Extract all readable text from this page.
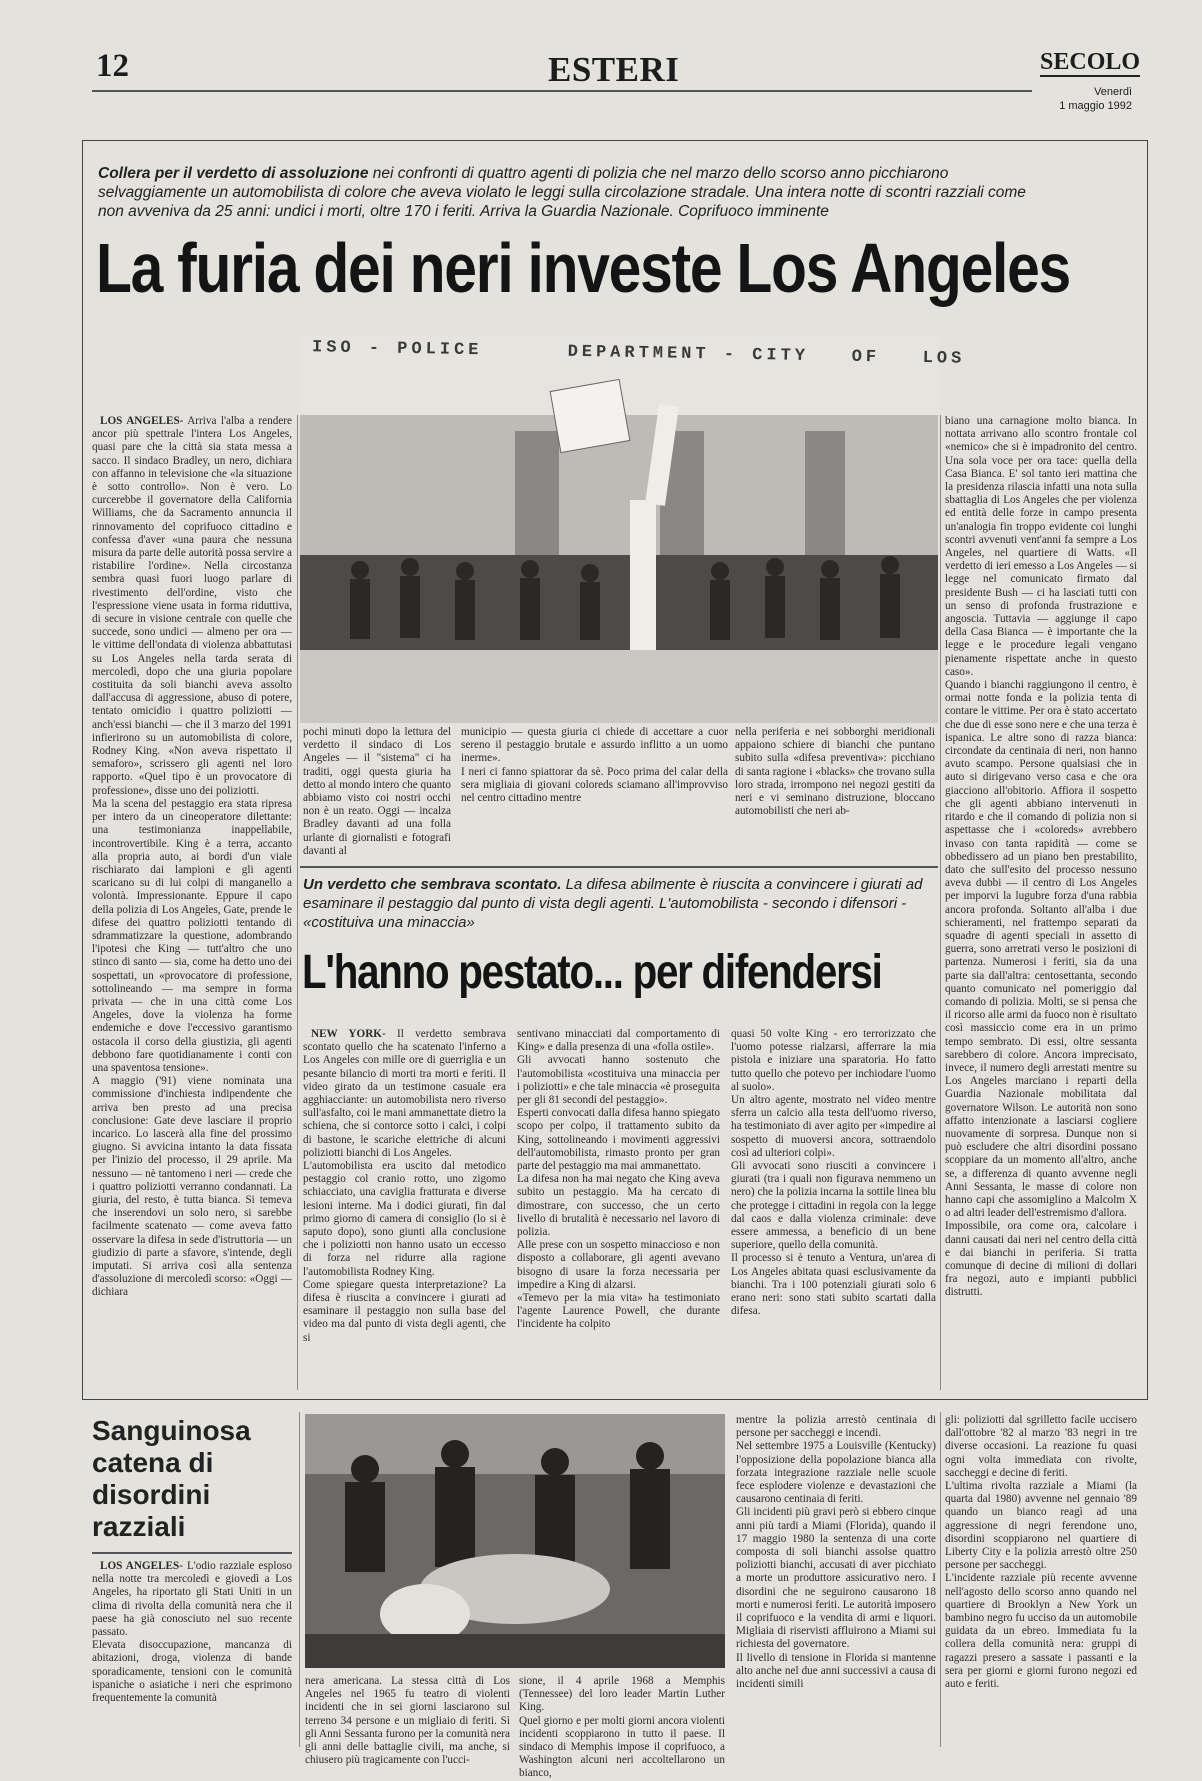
12	ESTERI	SECOLO
Venerdì
1 maggio 1992
Collera per il verdetto di assoluzione nei confronti di quattro agenti di polizia che nel marzo dello scorso anno picchiarono selvaggiamente un automobilista di colore che aveva violato le leggi sulla circolazione stradale. Una intera notte di scontri razziali come non avveniva da 25 anni: undici i morti, oltre 170 i feriti. Arriva la Guardia Nazionale. Coprifuoco imminente
La furia dei neri investe Los Angeles
ISO - POLICE      DEPARTMENT - CITY   OF   LOS

LOS ANGELES- Arriva l'alba a rendere ancor più spettrale l'intera Los Angeles, quasi pare che la città sia stata messa a sacco. Il sindaco Bradley, un nero, dichiara con affanno in televisione che «la situazione è sotto controllo». Non è vero. Lo curcerebbe il governatore della California Williams, che da Sacramento annuncia il rinnovamento del coprifuoco cittadino e confessa d'aver «una paura che nessuna misura da parte delle autorità possa servire a ristabilire l'ordine». Nella circostanza sembra quasi fuori luogo parlare di rivestimento dell'ordine, visto che l'espressione viene usata in forma riduttiva, di secure in visione centrale con quelle che succede, sono undici — almeno per ora — le vittime dell'ondata di violenza abbattutasi su Los Angeles nella tarda serata di mercoledì, dopo che una giuria popolare costituita da soli bianchi aveva assolto dall'accusa di aggressione, abuso di potere, tentato omicidio i quattro poliziotti — anch'essi bianchi — che il 3 marzo del 1991 infierirono su un automobilista di colore, Rodney King. «Non aveva rispettato il semaforo», scrissero gli agenti nel loro rapporto. «Quel tipo è un provocatore di professione», disse uno dei poliziotti.
Ma la scena del pestaggio era stata ripresa per intero da un cineoperatore dilettante: una testimonianza inappellabile, incontrovertibile. King è a terra, accanto alla propria auto, ai bordi d'un viale rischiarato dai lampioni e gli agenti scaricano su di lui colpi di manganello a volontà. Impressionante. Eppure il capo della polizia di Los Angeles, Gate, prende le difese dei quattro poliziotti tentando di sdrammatizzare la questione, adombrando l'ipotesi che King — tutt'altro che uno stinco di santo — sia, come ha detto uno dei sospettati, un «provocatore di professione, sottolineando — ma sempre in forma privata — che in una città come Los Angeles, dove la violenza ha forme endemiche e dove l'eccessivo garantismo ostacola il corso della giustizia, gli agenti debbono fare quotidianamente i conti con una spaventosa tensione».
A maggio ('91) viene nominata una commissione d'inchiesta indipendente che arriva ben presto ad una precisa conclusione: Gate deve lasciare il proprio incarico. Lo lascerà alla fine del prossimo giugno. Si avvicina intanto la data fissata per l'inizio del processo, il 29 aprile. Ma nessuno — nè tantomeno i neri — crede che i quattro poliziotti verranno condannati. La giuria, del resto, è tutta bianca. Si temeva che inserendovi un solo nero, si sarebbe facilmente scatenato — come aveva fatto osservare la difesa in sede d'istruttoria — un giudizio di parte a sfavore, s'intende, degli imputati. Si arriva così alla sentenza d'assoluzione di mercoledì scorso: «Oggi — dichiara

pochi minuti dopo la lettura del verdetto il sindaco di Los Angeles — il "sistema" ci ha traditi, oggi questa giuria ha detto al mondo intero che quanto abbiamo visto coi nostri occhi non è un reato. Oggi — incalza Bradley davanti ad una folla urlante di giornalisti e fotografi davanti al
municipio — questa giuria ci chiede di accettare a cuor sereno il pestaggio brutale e assurdo inflitto a un uomo inerme».
I neri ci fanno spiattorar da sè. Poco prima del calar della sera migliaia di giovani coloreds sciamano all'improvviso nel centro cittadino mentre
nella periferia e nei sobborghi meridionali appaiono schiere di bianchi che puntano subito sulla «difesa preventiva»: picchiano di santa ragione i «blacks» che trovano sulla loro strada, irrompono nei negozi gestiti da neri e vi seminano distruzione, bloccano automobilisti che neri ab-
biano una carnagione molto bianca. In nottata arrivano allo scontro frontale col «nemico» che si è impadronito del centro. Una sola voce per ora tace: quella della Casa Bianca. E' sol tanto ieri mattina che la presidenza rilascia infatti una nota sulla sbattaglia di Los Angeles che per violenza ed entità delle forze in campo presenta un'analogia fin troppo evidente coi lunghi scontri avvenuti vent'anni fa sempre a Los Angeles, nel quartiere di Watts. «Il verdetto di ieri emesso a Los Angeles — si legge nel comunicato firmato dal presidente Bush — ci ha lasciati tutti con un senso di profonda frustrazione e angoscia. Tuttavia — aggiunge il capo della Casa Bianca — è importante che la legge e le procedure legali vengano pienamente rispettate anche in questo caso».
Quando i bianchi raggiungono il centro, è ormai notte fonda e la polizia tenta di contare le vittime. Per ora è stato accertato che due di esse sono nere e che una terza è ispanica. Le altre sono di razza bianca: circondate da centinaia di neri, non hanno avuto scampo. Persone qualsiasi che in auto si dirigevano verso casa e che ora giacciono all'obitorio. Affiora il sospetto che gli agenti abbiano intervenuti in ritardo e che il comando di polizia non si aspettasse che i «coloreds» avrebbero invaso con tanta rapidità — come se obbedissero ad un piano ben prestabilito, dato che sull'esito del processo nessuno aveva dubbi — il centro di Los Angeles per imporvi la lugubre forza d'una rabbia ancora profonda. Soltanto all'alba i due schieramenti, nel frattempo separati da squadre di agenti speciali in assetto di guerra, sono arretrati verso le posizioni di partenza. Numerosi i feriti, sia da una parte sia dall'altra: centosettanta, secondo quanto comunicato nel pomeriggio dal comando di polizia. Molti, se si pensa che il ricorso alle armi da fuoco non è risultato così massiccio come era in un primo tempo sembrato. Di essi, oltre sessanta sarebbero di colore. Ancora imprecisato, invece, il numero degli arrestati mentre su Los Angeles marciano i reparti della Guardia Nazionale mobilitata dal governatore Wilson. Le autorità non sono affatto intenzionate a lasciarsi cogliere nuovamente di sorpresa. Dunque non si può escludere che altri disordini possano scoppiare da un momento all'altro, anche se, a differenza di quanto avvenne negli Anni Sessanta, le masse di colore non hanno capi che assomiglino a Malcolm X o ad altri leader dell'estremismo d'allora.
Impossibile, ora come ora, calcolare i danni causati dai neri nel centro della città e dai bianchi in periferia. Si tratta comunque di decine di milioni di dollari fra negozi, auto e impianti pubblici distrutti.
Un verdetto che sembrava scontato. La difesa abilmente è riuscita a convincere i giurati ad esaminare il pestaggio dal punto di vista degli agenti. L'automobilista - secondo i difensori - «costituiva una minaccia»
L'hanno pestato... per difendersi

NEW YORK- Il verdetto sembrava scontato quello che ha scatenato l'inferno a Los Angeles con mille ore di guerriglia e un pesante bilancio di morti tra morti e feriti. Il video girato da un testimone casuale era agghiacciante: un automobilista nero riverso sull'asfalto, coi le mani ammanettate dietro la schiena, che si contorce sotto i calci, i colpi di bastone, le scariche elettriche di alcuni poliziotti bianchi di Los Angeles.
L'automobilista era uscito dal metodico pestaggio col cranio rotto, uno zigomo schiacciato, una caviglia fratturata e diverse lesioni interne. Ma i dodici giurati, fin dal primo giorno di camera di consiglio (lo si è saputo dopo), sono giunti alla conclusione che i poliziotti non hanno usato un eccesso di forza nel ridurre alla ragione l'automobilista Rodney King.
Come spiegare questa interpretazione? La difesa è riuscita a convincere i giurati ad esaminare il pestaggio non sulla base del video ma dal punto di vista degli agenti, che si

sentivano minacciati dal comportamento di King» e dalla presenza di una «folla ostile».
Gli avvocati hanno sostenuto che l'automobilista «costituiva una minaccia per i poliziotti» e che tale minaccia «è proseguita per gli 81 secondi del pestaggio».
Esperti convocati dalla difesa hanno spiegato scopo per colpo, il trattamento subito da King, sottolineando i movimenti aggressivi dell'automobilista, rimasto pronto per gran parte del pestaggio ma mai ammanettato.
La difesa non ha mai negato che King aveva subito un pestaggio. Ma ha cercato di dimostrare, con successo, che un certo livello di brutalità è necessario nel lavoro di polizia.
Alle prese con un sospetto minaccioso e non disposto a collaborare, gli agenti avevano bisogno di usare la forza necessaria per impedire a King di alzarsi.
«Temevo per la mia vita» ha testimoniato l'agente Laurence Powell, che durante l'incidente ha colpito
quasi 50 volte King - ero terrorizzato che l'uomo potesse rialzarsi, afferrare la mia pistola e iniziare una sparatoria. Ho fatto tutto quello che potevo per inchiodare l'uomo al suolo».
Un altro agente, mostrato nel video mentre sferra un calcio alla testa dell'uomo riverso, ha testimoniato di aver agito per «impedire al sospetto di muoversi ancora, sottraendolo così ad ulteriori colpi».
Gli avvocati sono riusciti a convincere i giurati (tra i quali non figurava nemmeno un nero) che la polizia incarna la sottile linea blu che protegge i cittadini in regola con la legge dal caos e dalla violenza criminale: deve essere ammessa, a beneficio di un bene superiore, quello della comunità.
Il processo si è tenuto a Ventura, un'area di Los Angeles abitata quasi esclusivamente da bianchi. Tra i 100 potenziali giurati solo 6 erano neri: sono stati subito scartati dalla difesa.
Sanguinosa catena di disordini razziali

LOS ANGELES- L'odio razziale esploso nella notte tra mercoledì e giovedì a Los Angeles, ha riportato gli Stati Uniti in un clima di rivolta della comunità nera che il paese ha già conosciuto nel suo recente passato.
Elevata disoccupazione, mancanza di abitazioni, droga, violenza di bande sporadicamente, tensioni con le comunità ispaniche o asiatiche i neri che esprimono frequentemente la comunità

nera americana. La stessa città di Los Angeles nel 1965 fu teatro di violenti incidenti che in sei giorni lasciarono sul terreno 34 persone e un migliaio di feriti. Sì gli Anni Sessanta furono per la comunità nera gli anni delle battaglie civili, ma anche, si chiusero più tragicamente con l'ucci-
sione, il 4 aprile 1968 a Memphis (Tennessee) del loro leader Martin Luther King.
Quel giorno e per molti giorni ancora violenti incidenti scoppiarono in tutto il paese. Il sindaco di Memphis impose il coprifuoco, a Washington alcuni neri accoltellarono un bianco,
mentre la polizia arrestò centinaia di persone per saccheggi e incendi.
Nel settembre 1975 a Louisville (Kentucky) l'opposizione della popolazione bianca alla forzata integrazione razziale nelle scuole fece esplodere violenze e devastazioni che causarono centinaia di feriti.
Gli incidenti più gravi però si ebbero cinque anni più tardi a Miami (Florida), quando il 17 maggio 1980 la sentenza di una corte composta di soli bianchi assolse quattro poliziotti bianchi, accusati di aver picchiato a morte un produttore assicurativo nero. I disordini che ne seguirono causarono 18 morti e numerosi feriti. Le autorità imposero il coprifuoco e la vendita di armi e liquori. Migliaia di riservisti affluirono a Miami sui richiesta del governatore.
Il livello di tensione in Florida si mantenne alto anche nel due anni successivi a causa di incidenti simili
gli: poliziotti dal sgrilletto facile uccisero dall'ottobre '82 al marzo '83 negri in tre diverse occasioni. La reazione fu quasi ogni volta immediata con rivolte, saccheggi e decine di feriti.
L'ultima rivolta razziale a Miami (la quarta dal 1980) avvenne nel gennaio '89 quando un bianco reagì ad una aggressione di negri ferendone uno, disordini scoppiarono nel quartiere di Liberty City e la polizia arrestò oltre 250 persone per saccheggi.
L'incidente razziale più recente avvenne nell'agosto dello scorso anno quando nel quartiere di Brooklyn a New York un bambino negro fu ucciso da un automobile guidata da un ebreo. Immediata fu la collera della comunità nera: gruppi di ragazzi presero a sassate i passanti e la sera per giorni e giorni furono negozi ed auto e feriti.
